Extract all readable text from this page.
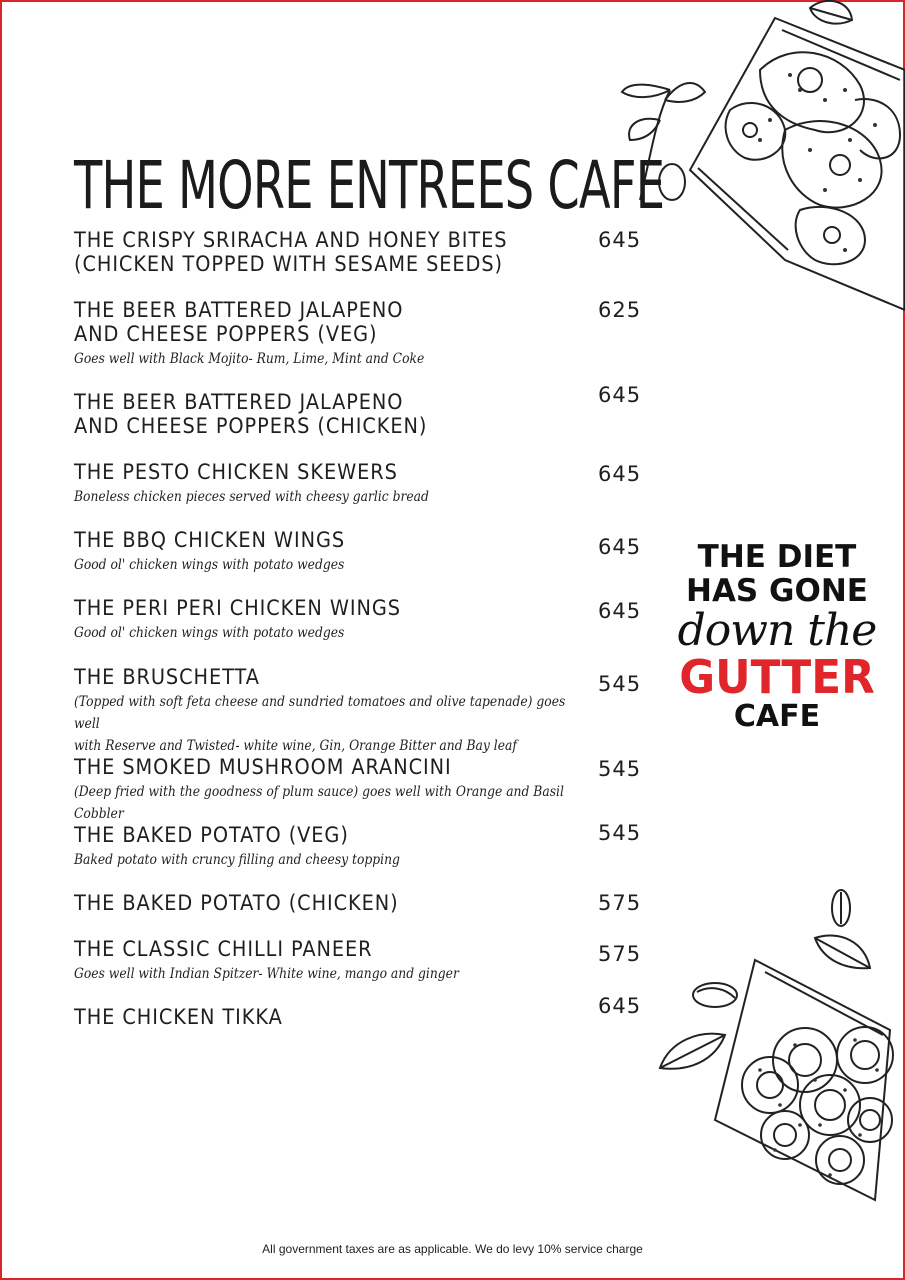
THE MORE ENTREES CAFE
THE CRISPY SRIRACHA AND HONEY BITES
(CHICKEN TOPPED WITH SESAME SEEDS)
645
THE BEER BATTERED JALAPENO
AND CHEESE POPPERS (VEG)
Goes well with Black Mojito- Rum, Lime, Mint and Coke
625
THE BEER BATTERED JALAPENO
AND CHEESE POPPERS (CHICKEN)
645
THE PESTO CHICKEN SKEWERS
Boneless chicken pieces served with cheesy garlic bread
645
THE BBQ CHICKEN WINGS
Good ol' chicken wings with potato wedges
645
THE PERI PERI CHICKEN WINGS
Good ol' chicken wings with potato wedges
645
THE BRUSCHETTA
(Topped with soft feta cheese and sundried tomatoes and olive tapenade) goes well
with Reserve and Twisted- white wine, Gin, Orange Bitter and Bay leaf
545
THE SMOKED MUSHROOM ARANCINI
(Deep fried with the goodness of plum sauce) goes well with Orange and Basil Cobbler
545
THE BAKED POTATO (VEG)
Baked potato with cruncy filling and cheesy topping
545
THE BAKED POTATO (CHICKEN)	575
THE CLASSIC CHILLI PANEER
Goes well with Indian Spitzer- White wine, mango and ginger
575
THE CHICKEN TIKKA	645
THE DIET
HAS GONE
down the
GUTTER
CAFE
All government taxes are as applicable. We do levy 10% service charge
